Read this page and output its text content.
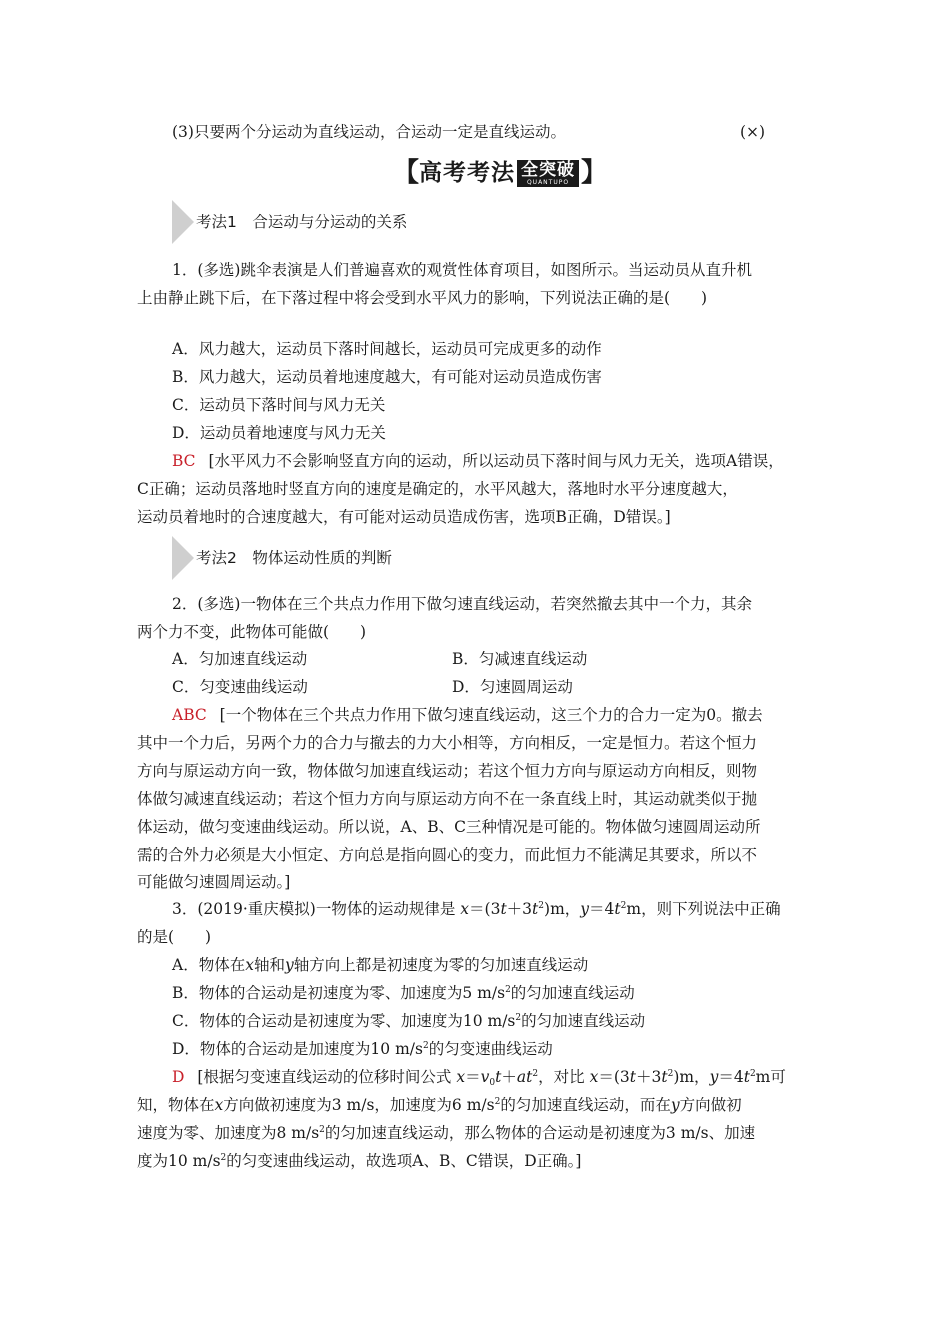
(3)只要两个分运动为直线运动，合运动一定是直线运动。	(×)
【 高考考法 全突破
QUANTUPO 】
考法1　合运动与分运动的关系
1．(多选)跳伞表演是人们普遍喜欢的观赏性体育项目，如图所示。当运动员从直升机
上由静止跳下后，在下落过程中将会受到水平风力的影响，下列说法正确的是(　　)
A．风力越大，运动员下落时间越长，运动员可完成更多的动作
B．风力越大，运动员着地速度越大，有可能对运动员造成伤害
C．运动员下落时间与风力无关
D．运动员着地速度与风力无关
BC [水平风力不会影响竖直方向的运动，所以运动员下落时间与风力无关，选项A错误，
C正确；运动员落地时竖直方向的速度是确定的，水平风越大，落地时水平分速度越大，
运动员着地时的合速度越大，有可能对运动员造成伤害，选项B正确，D错误。]
考法2　物体运动性质的判断
2．(多选)一物体在三个共点力作用下做匀速直线运动，若突然撤去其中一个力，其余
两个力不变，此物体可能做(　　)
A．匀加速直线运动	B．匀减速直线运动
C．匀变速曲线运动	D．匀速圆周运动
ABC [一个物体在三个共点力作用下做匀速直线运动，这三个力的合力一定为0。撤去
其中一个力后，另两个力的合力与撤去的力大小相等，方向相反，一定是恒力。若这个恒力
方向与原运动方向一致，物体做匀加速直线运动；若这个恒力方向与原运动方向相反，则物
体做匀减速直线运动；若这个恒力方向与原运动方向不在一条直线上时，其运动就类似于抛
体运动，做匀变速曲线运动。所以说，A、B、C三种情况是可能的。物体做匀速圆周运动所
需的合外力必须是大小恒定、方向总是指向圆心的变力，而此恒力不能满足其要求，所以不
可能做匀速圆周运动。]
3．(2019·重庆模拟)一物体的运动规律是 $x=(3t+3t^2)m$，$y=4t^2m$，则下列说法中正确
的是(　　)
A．物体在x轴和y轴方向上都是初速度为零的匀加速直线运动
B．物体的合运动是初速度为零、加速度为5 $m/s^2$的匀加速直线运动
C．物体的合运动是初速度为零、加速度为10 $m/s^2$的匀加速直线运动
D．物体的合运动是加速度为10 $m/s^2$的匀变速曲线运动
D [根据匀变速直线运动的位移时间公式 $x=v_0t+at^2$，对比 $x=(3t+3t^2)m$，$y=4t^2m$可
知，物体在x方向做初速度为3 m/s，加速度为6 $m/s^2$的匀加速直线运动，而在y方向做初
速度为零、加速度为8 $m/s^2$的匀加速直线运动，那么物体的合运动是初速度为3 m/s、加速
度为10 $m/s^2$的匀变速曲线运动，故选项A、B、C错误，D正确。]
